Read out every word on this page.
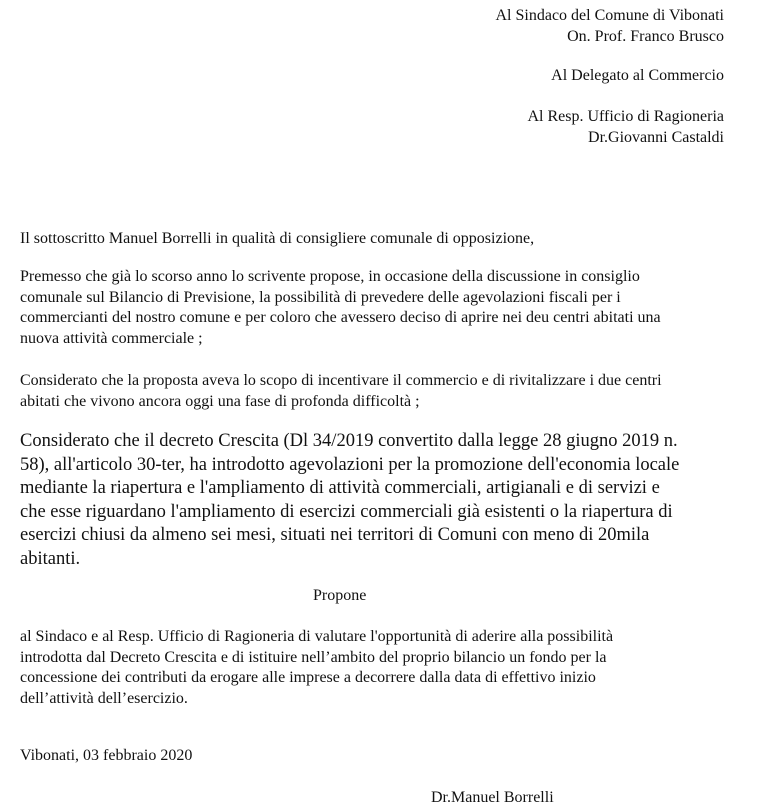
Al Sindaco del Comune di Vibonati
On. Prof. Franco Brusco
Al Delegato al Commercio
Al Resp. Ufficio di Ragioneria
Dr.Giovanni Castaldi
Il sottoscritto Manuel Borrelli in qualità di consigliere comunale di opposizione,
Premesso che già lo scorso anno lo scrivente propose, in occasione della discussione in consiglio
comunale sul Bilancio di Previsione, la possibilità di prevedere delle agevolazioni fiscali per i
commercianti del nostro comune e per coloro che avessero deciso di aprire nei deu centri abitati una
nuova attività commerciale ;
Considerato che la proposta aveva lo scopo di incentivare il commercio e di rivitalizzare i due centri
abitati che vivono ancora oggi una fase di profonda difficoltà ;
Considerato che il decreto Crescita (Dl 34/2019 convertito dalla legge 28 giugno 2019 n.
58), all'articolo 30-ter, ha introdotto agevolazioni per la promozione dell'economia locale
mediante la riapertura e l'ampliamento di attività commerciali, artigianali e di servizi e
che esse riguardano l'ampliamento di esercizi commerciali già esistenti o la riapertura di
esercizi chiusi da almeno sei mesi, situati nei territori di Comuni con meno di 20mila
abitanti.
Propone
al Sindaco e al Resp. Ufficio di Ragioneria di valutare l'opportunità di aderire alla possibilità
introdotta dal Decreto Crescita e di istituire nell’ambito del proprio bilancio un fondo per la
concessione dei contributi da erogare alle imprese a decorrere dalla data di effettivo inizio
dell’attività dell’esercizio.
Vibonati, 03 febbraio 2020
Dr.Manuel Borrelli
